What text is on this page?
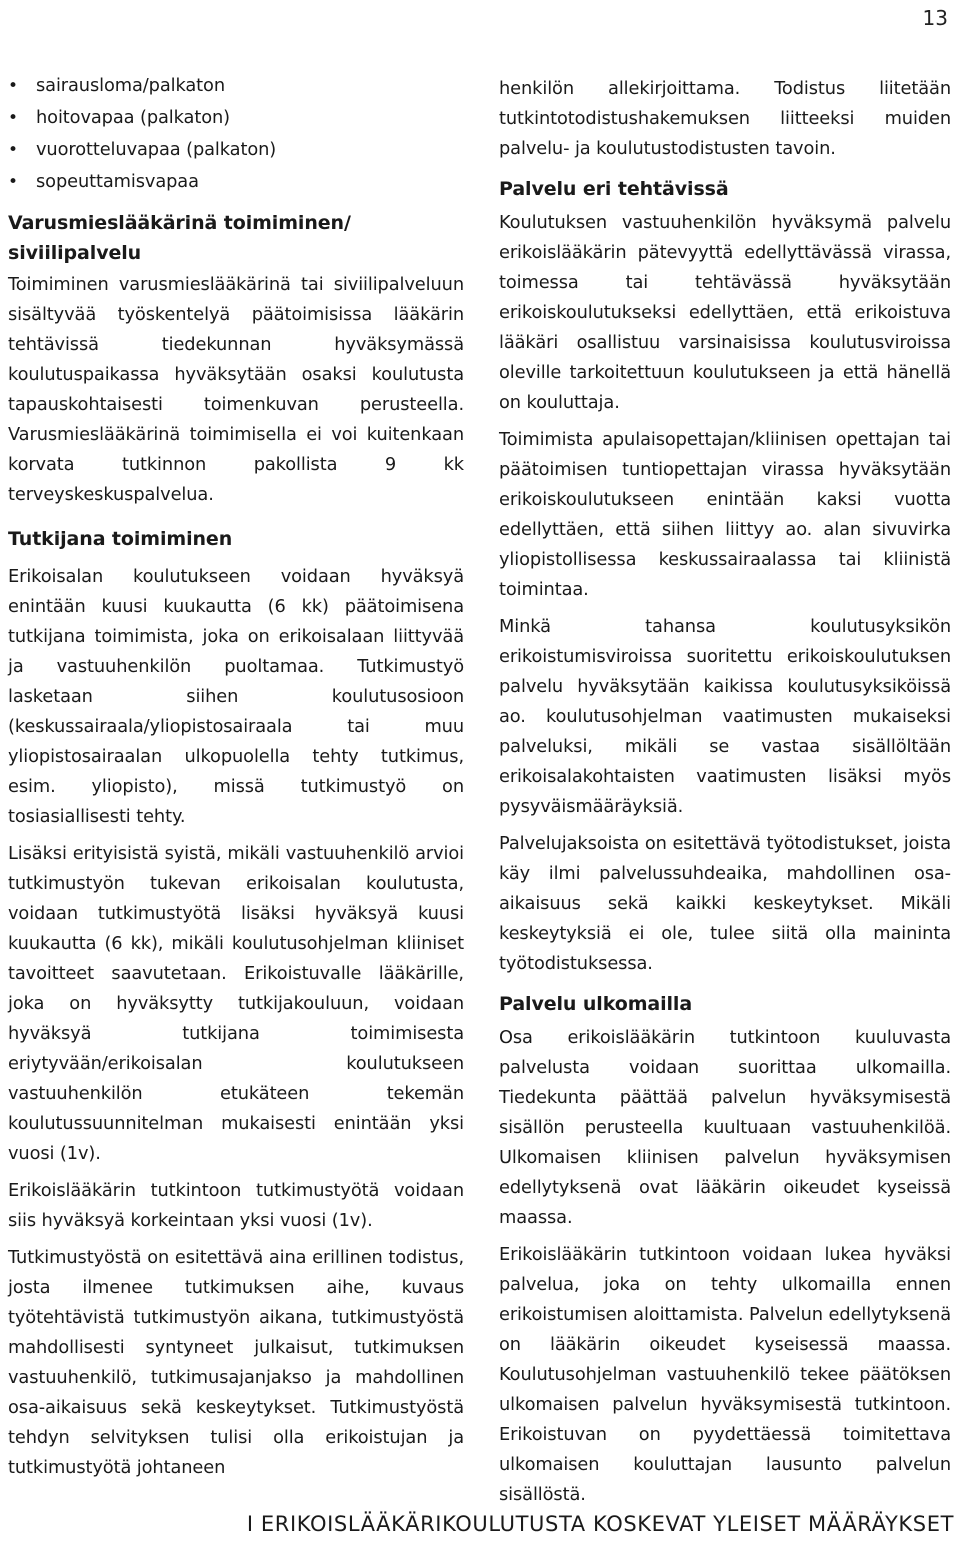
13
• sairausloma/palkaton
• hoitovapaa (palkaton)
• vuorotteluvapaa (palkaton)
• sopeuttamisvapaa
Varusmieslääkärinä toimiminen/ siviilipalvelu

Toimiminen varusmieslääkärinä tai siviilipalveluun sisältyvää työskentelyä päätoimisissa lääkärin tehtävissä tiedekunnan hyväksymässä koulutuspaikassa hyväksytään osaksi koulutusta tapauskohtaisesti toimenkuvan perusteella. Varusmieslääkärinä toimimisella ei voi kuitenkaan korvata tutkinnon pakollista 9 kk terveyskeskuspalvelua.

Tutkijana toimiminen

Erikoisalan koulutukseen voidaan hyväksyä enintään kuusi kuukautta (6 kk) päätoimisena tutkijana toimimista, joka on erikoisalaan liittyvää ja vastuuhenkilön puoltamaa. Tutkimustyö lasketaan siihen koulutusosioon (keskussairaala/yliopistosairaala tai muu yliopistosairaalan ulkopuolella tehty tutkimus, esim. yliopisto), missä tutkimustyö on tosiasiallisesti tehty.

Lisäksi erityisistä syistä, mikäli vastuuhenkilö arvioi tutkimustyön tukevan erikoisalan koulutusta, voidaan tutkimustyötä lisäksi hyväksyä kuusi kuukautta (6 kk), mikäli koulutusohjelman kliiniset tavoitteet saavutetaan. Erikoistuvalle lääkärille, joka on hyväksytty tutkijakouluun, voidaan hyväksyä tutkijana toimimisesta eriytyvään/erikoisalan koulutukseen vastuuhenkilön etukäteen tekemän koulutussuunnitelman mukaisesti enintään yksi vuosi (1v).

Erikoislääkärin tutkintoon tutkimustyötä voidaan siis hyväksyä korkeintaan yksi vuosi (1v).

Tutkimustyöstä on esitettävä aina erillinen todistus, josta ilmenee tutkimuksen aihe, kuvaus työtehtävistä tutkimustyön aikana, tutkimustyöstä mahdollisesti syntyneet julkaisut, tutkimuksen vastuuhenkilö, tutkimusajanjakso ja mahdollinen osa-aikaisuus sekä keskeytykset. Tutkimustyöstä tehdyn selvityksen tulisi olla erikoistujan ja tutkimustyötä johtaneen

henkilön allekirjoittama. Todistus liitetään tutkintotodistushakemuksen liitteeksi muiden palvelu- ja koulutustodistusten tavoin.

Palvelu eri tehtävissä

Koulutuksen vastuuhenkilön hyväksymä palvelu erikoislääkärin pätevyyttä edellyttävässä virassa, toimessa tai tehtävässä hyväksytään erikoiskoulutukseksi edellyttäen, että erikoistuva lääkäri osallistuu varsinaisissa koulutusviroissa oleville tarkoitettuun koulutukseen ja että hänellä on kouluttaja.

Toimimista apulaisopettajan/kliinisen opettajan tai päätoimisen tuntiopettajan virassa hyväksytään erikoiskoulutukseen enintään kaksi vuotta edellyttäen, että siihen liittyy ao. alan sivuvirka yliopistollisessa keskussairaalassa tai kliinistä toimintaa.

Minkä tahansa koulutusyksikön erikoistumisviroissa suoritettu erikoiskoulutuksen palvelu hyväksytään kaikissa koulutusyksiköissä ao. koulutusohjelman vaatimusten mukaiseksi palveluksi, mikäli se vastaa sisällöltään erikoisalakohtaisten vaatimusten lisäksi myös pysyväismääräyksiä.

Palvelujaksoista on esitettävä työtodistukset, joista käy ilmi palvelussuhdeaika, mahdollinen osa-aikaisuus sekä kaikki keskeytykset. Mikäli keskeytyksiä ei ole, tulee siitä olla maininta työtodistuksessa.

Palvelu ulkomailla

Osa erikoislääkärin tutkintoon kuuluvasta palvelusta voidaan suorittaa ulkomailla. Tiedekunta päättää palvelun hyväksymisestä sisällön perusteella kuultuaan vastuuhenkilöä. Ulkomaisen kliinisen palvelun hyväksymisen edellytyksenä ovat lääkärin oikeudet kyseissä maassa.

Erikoislääkärin tutkintoon voidaan lukea hyväksi palvelua, joka on tehty ulkomailla ennen erikoistumisen aloittamista. Palvelun edellytyksenä on lääkärin oikeudet kyseisessä maassa. Koulutusohjelman vastuuhenkilö tekee päätöksen ulkomaisen palvelun hyväksymisestä tutkintoon. Erikoistuvan on pyydettäessä toimitettava ulkomaisen kouluttajan lausunto palvelun sisällöstä.

I ERIKOISLÄÄKÄRIKOULUTUSTA KOSKEVAT YLEISET MÄÄRÄYKSET
